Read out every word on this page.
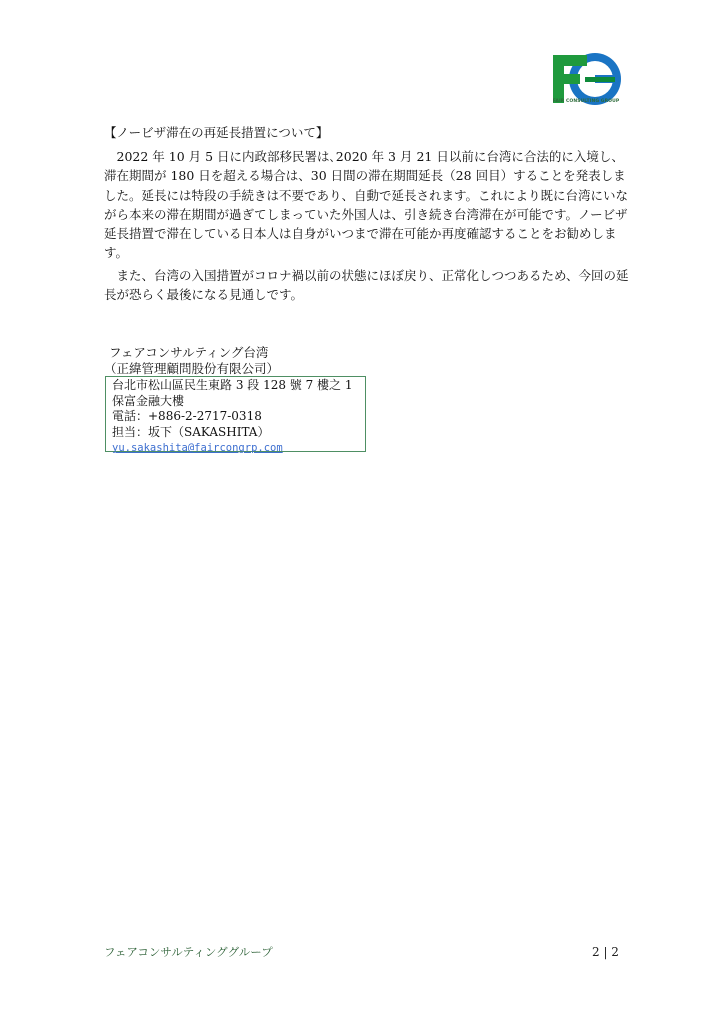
FAIR CONSULTING GROUP
【ノービザ滞在の再延長措置について】

　2022 年 10 月 5 日に内政部移民署は､2020 年 3 月 21 日以前に台湾に合法的に入境し、滞在期間が 180 日を超える場合は、30 日間の滞在期間延長（28 回目）することを発表しました。延長には特段の手続きは不要であり、自動で延長されます。これにより既に台湾にいながら本来の滞在期間が過ぎてしまっていた外国人は、引き続き台湾滞在が可能です。ノービザ延長措置で滞在している日本人は自身がいつまで滞在可能か再度確認することをお勧めします。

　また、台湾の入国措置がコロナ禍以前の状態にほぼ戻り、正常化しつつあるため、今回の延長が恐らく最後になる見通しです。

フェアコンサルティング台湾
（正緯管理顧問股份有限公司）
台北市松山區民生東路 3 段 128 號 7 樓之 1
保富金融大樓
電話：+886-2-2717-0318
担当：坂下（SAKASHITA）
yu.sakashita@faircongrp.com
フェアコンサルティンググループ	2 | 2
